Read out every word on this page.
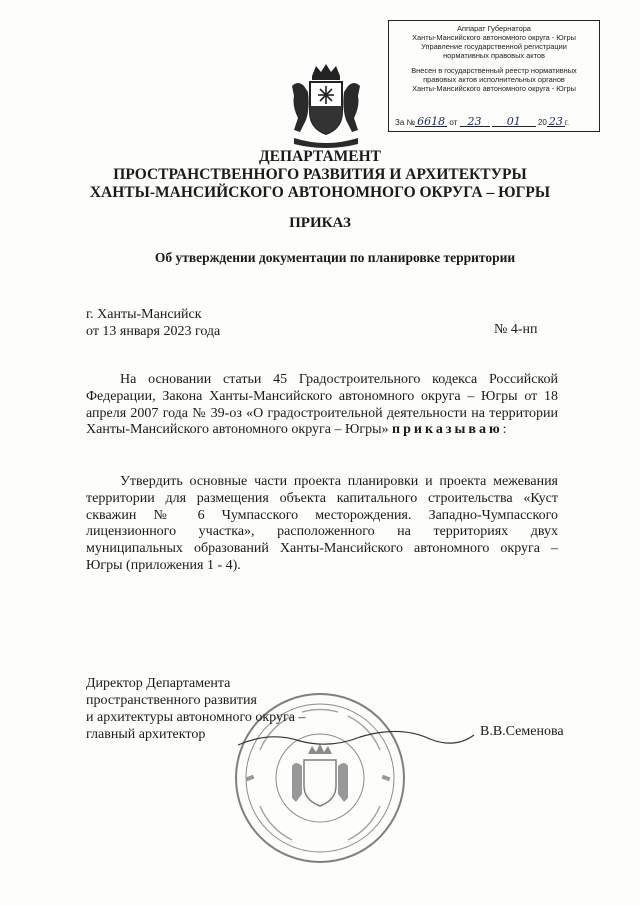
Аппарат Губернатора
Ханты-Мансийского автономного округа - Югры
Управление государственной регистрации
нормативных правовых актов
Внесен в государственный реестр нормативных
правовых актов исполнительных органов
Ханты-Мансийского автономного округа - Югры
За № 6618 от 23 01 20 23 г.
ДЕПАРТАМЕНТ
ПРОСТРАНСТВЕННОГО РАЗВИТИЯ И АРХИТЕКТУРЫ
ХАНТЫ-МАНСИЙСКОГО АВТОНОМНОГО ОКРУГА – ЮГРЫ
ПРИКАЗ
Об утверждении документации по планировке территории
г. Ханты-Мансийск
от 13 января 2023 года	№ 4-нп
На основании статьи 45 Градостроительного кодекса Российской Федерации, Закона Ханты-Мансийского автономного округа – Югры от 18 апреля 2007 года № 39-оз «О градостроительной деятельности на территории Ханты-Мансийского автономного округа – Югры» приказываю:
Утвердить основные части проекта планировки и проекта межевания территории для размещения объекта капитального строительства «Куст скважин № 6 Чумпасского месторождения. Западно-Чумпасского лицензионного участка», расположенного на территориях двух муниципальных образований Ханты-Мансийского автономного округа – Югры (приложения 1 - 4).
Директор Департамента
пространственного развития
и архитектуры автономного округа –
главный архитектор	В.В.Семенова
